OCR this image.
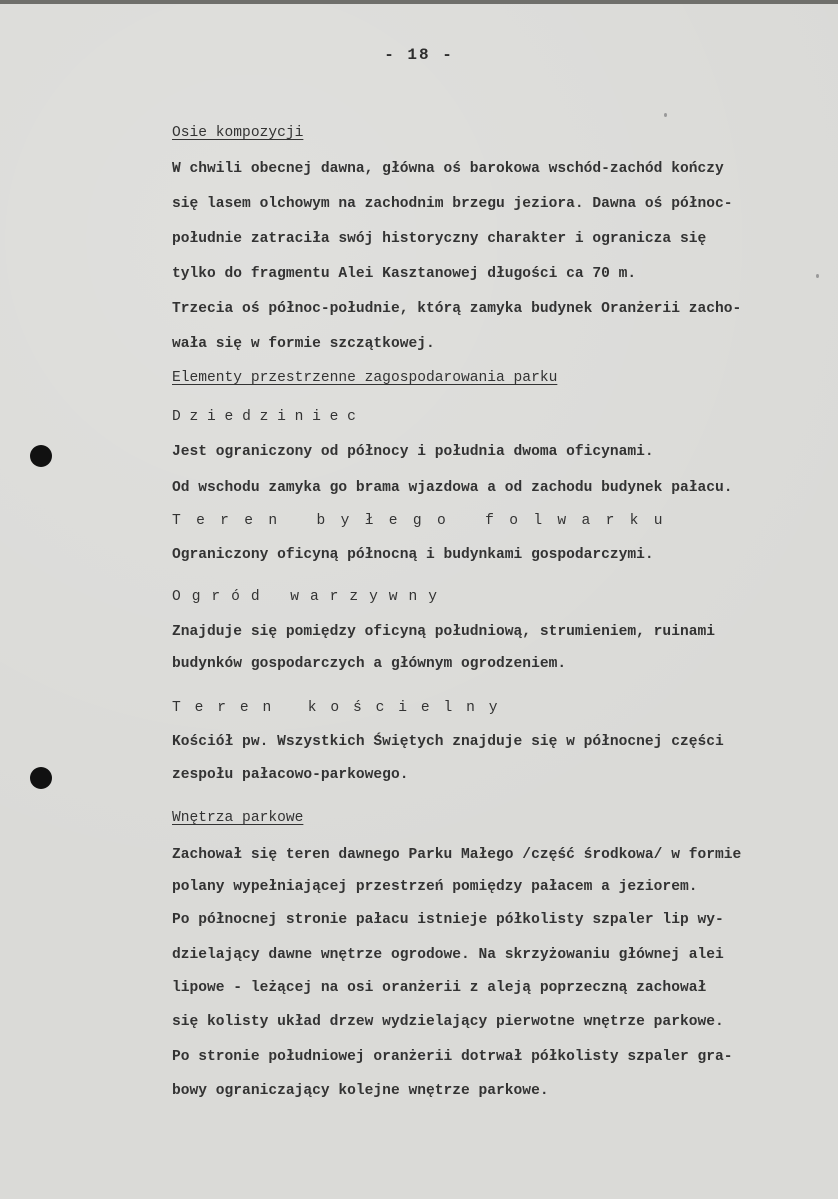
- 18 -
Osie kompozycji
W chwili obecnej dawna, główna oś barokowa wschód-zachód kończy
się lasem olchowym na zachodnim brzegu jeziora. Dawna oś północ-
południe zatraciła swój historyczny charakter i ogranicza się
tylko do fragmentu Alei Kasztanowej długości ca 70 m.
Trzecia oś północ-południe, którą zamyka budynek Oranżerii zacho-
wała się w formie szczątkowej.
Elementy przestrzenne zagospodarowania parku
Dziedziniec
Jest ograniczony od północy i południa dwoma oficynami.
Od wschodu zamyka go brama wjazdowa a od zachodu budynek pałacu.
Teren byłego folwarku
Ograniczony oficyną północną i budynkami gospodarczymi.
Ogród warzywny
Znajduje się pomiędzy oficyną południową, strumieniem, ruinami
budynków gospodarczych a głównym ogrodzeniem.
Teren kościelny
Kościół pw. Wszystkich Świętych znajduje się w północnej części
zespołu pałacowo-parkowego.
Wnętrza parkowe
Zachował się teren dawnego Parku Małego /część środkowa/ w formie
polany wypełniającej przestrzeń pomiędzy pałacem a jeziorem.
Po północnej stronie pałacu istnieje półkolisty szpaler lip wy-
dzielający dawne wnętrze ogrodowe. Na skrzyżowaniu głównej alei
lipowe - leżącej na osi oranżerii z aleją poprzeczną zachował
się kolisty układ drzew wydzielający pierwotne wnętrze parkowe.
Po stronie południowej oranżerii dotrwał półkolisty szpaler gra-
bowy ograniczający kolejne wnętrze parkowe.
